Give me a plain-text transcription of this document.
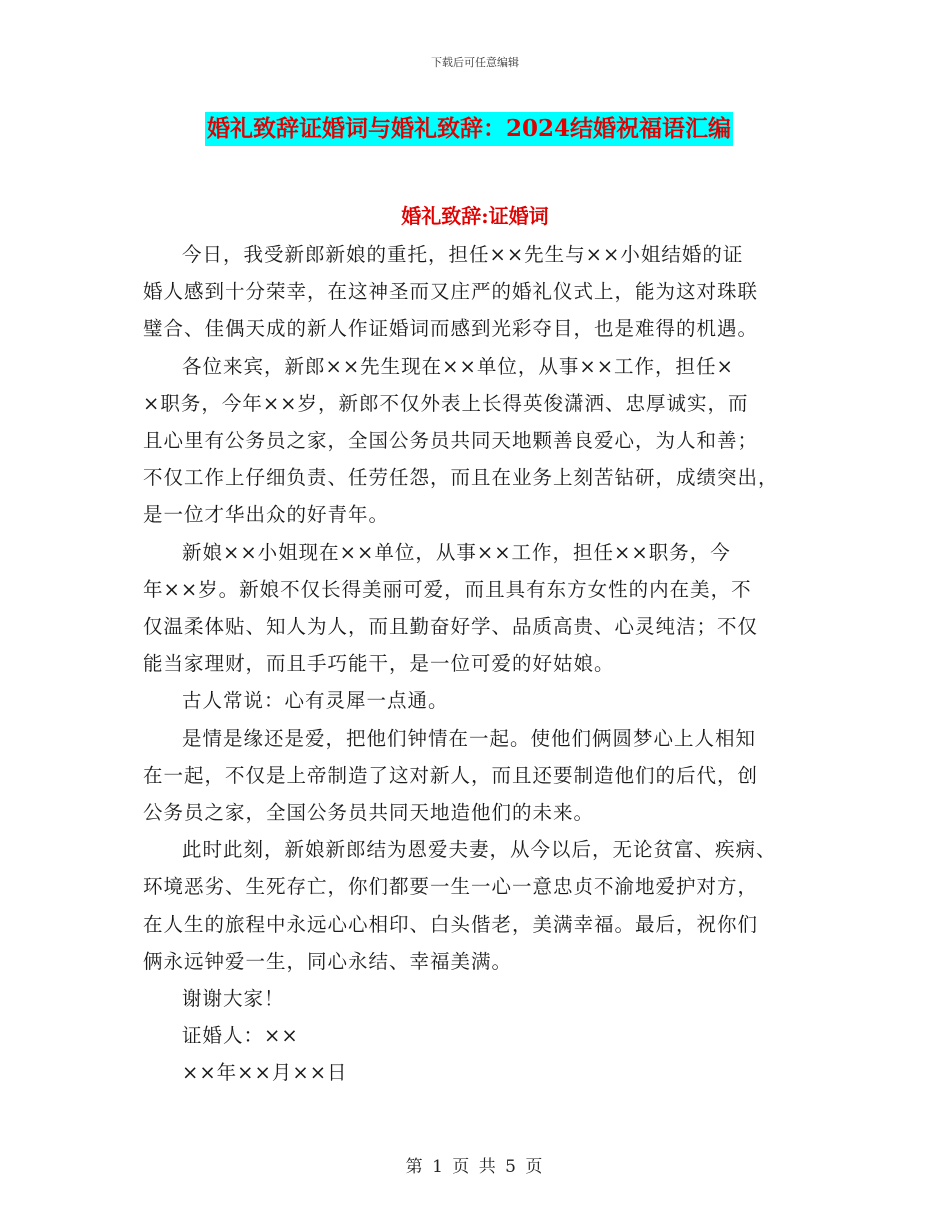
下载后可任意编辑
婚礼致辞证婚词与婚礼致辞：2024结婚祝福语汇编
婚礼致辞:证婚词

今日，我受新郎新娘的重托，担任××先生与××小姐结婚的证
婚人感到十分荣幸，在这神圣而又庄严的婚礼仪式上，能为这对珠联
璧合、佳偶天成的新人作证婚词而感到光彩夺目，也是难得的机遇。

各位来宾，新郎××先生现在××单位，从事××工作，担任×
×职务，今年××岁，新郎不仅外表上长得英俊潇洒、忠厚诚实，而
且心里有公务员之家，全国公务员共同天地颗善良爱心，为人和善；
不仅工作上仔细负责、任劳任怨，而且在业务上刻苦钻研，成绩突出，
是一位才华出众的好青年。

新娘××小姐现在××单位，从事××工作，担任××职务，今
年××岁。新娘不仅长得美丽可爱，而且具有东方女性的内在美，不
仅温柔体贴、知人为人，而且勤奋好学、品质高贵、心灵纯洁；不仅
能当家理财，而且手巧能干，是一位可爱的好姑娘。

古人常说：心有灵犀一点通。

是情是缘还是爱，把他们钟情在一起。使他们俩圆梦心上人相知
在一起，不仅是上帝制造了这对新人，而且还要制造他们的后代，创
公务员之家，全国公务员共同天地造他们的未来。

此时此刻，新娘新郎结为恩爱夫妻，从今以后，无论贫富、疾病、
环境恶劣、生死存亡，你们都要一生一心一意忠贞不渝地爱护对方，
在人生的旅程中永远心心相印、白头偕老，美满幸福。最后，祝你们
俩永远钟爱一生，同心永结、幸福美满。

谢谢大家！

证婚人：××

××年××月××日

第 1 页 共 5 页
